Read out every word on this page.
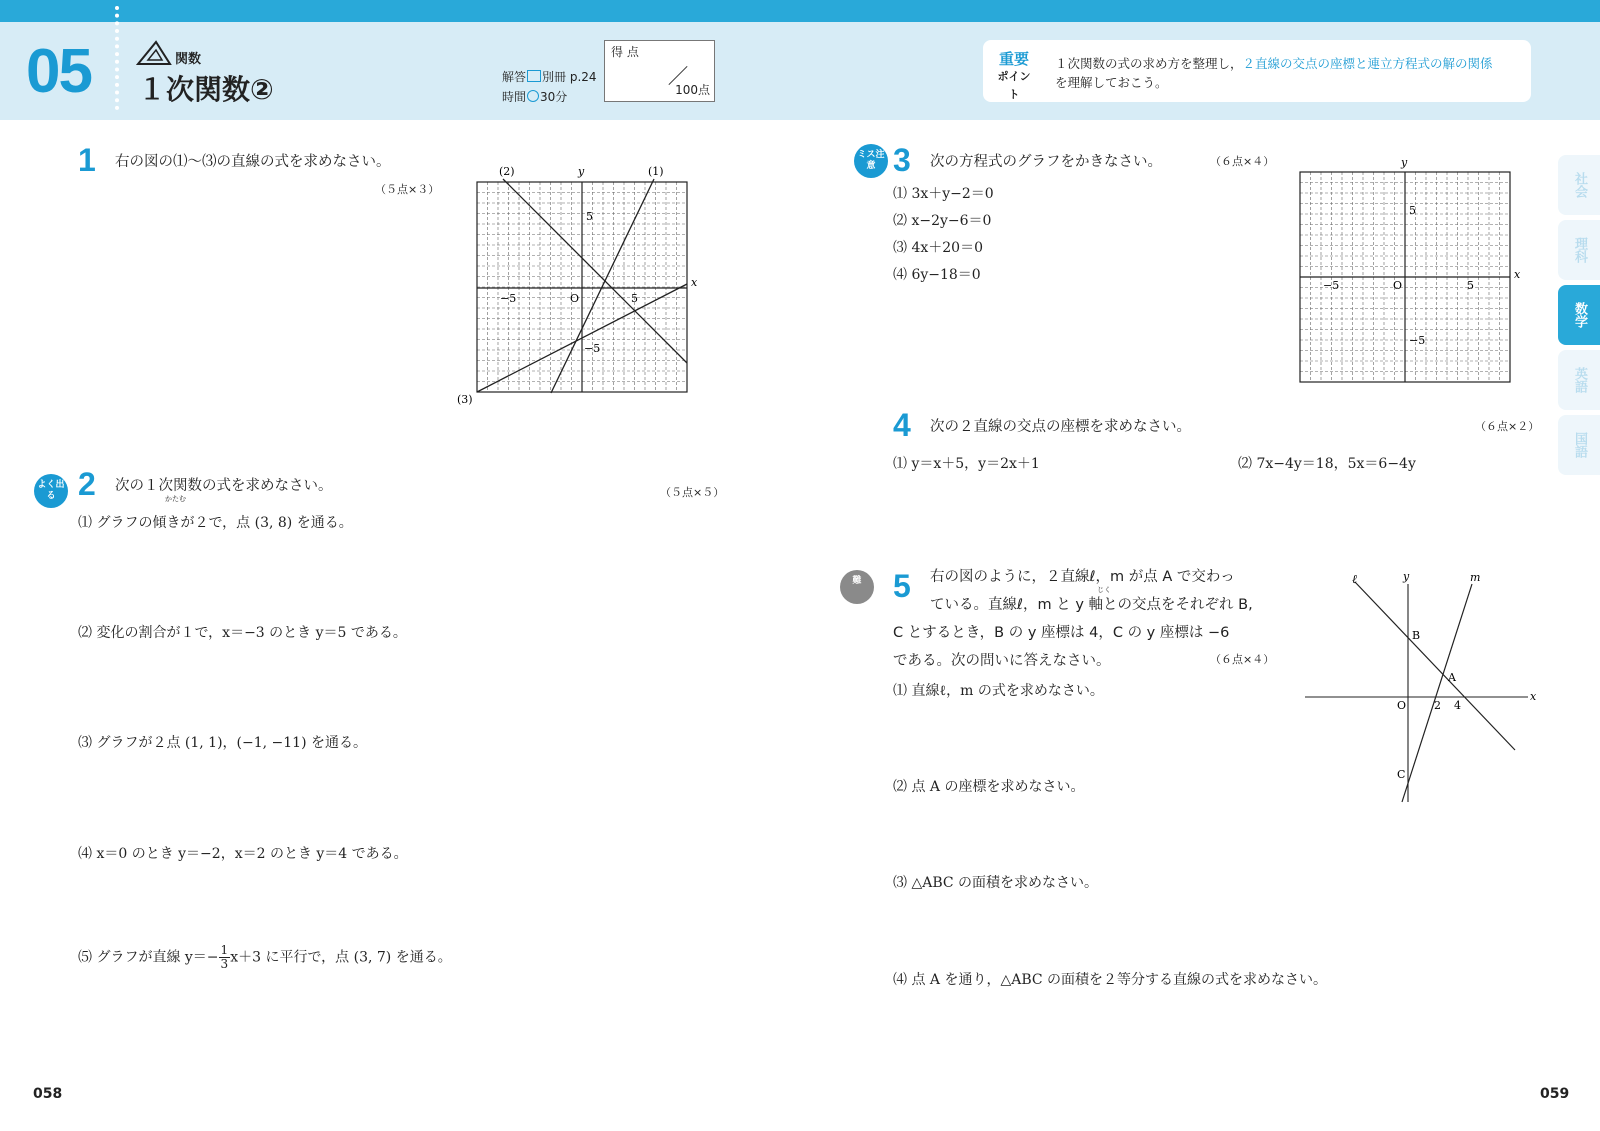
05	関数
１次関数②	解答 別冊 p.24
時間 30分
得 点
100点
重要
ポイント
１次関数の式の求め方を整理し，２直線の交点の座標と連立方程式の解の関係
を理解しておこう。
社会
理科
数学
英語
国語
1 右の図の⑴〜⑶の直線の式を求めなさい。
（５点×３）
(2)	(1)
(3)
y
x
O
5
−5
−5	5
よく出る 2 次の１次関数の式を求めなさい。	（５点×５）
かたむ
⑴ グラフの傾きが２で，点 (3, 8) を通る。
⑵ 変化の割合が１で，x＝−3 のとき y＝5 である。
⑶ グラフが２点 (1, 1)，(−1, −11) を通る。
⑷ x＝0 のとき y＝−2，x＝2 のとき y＝4 である。
⑸ グラフが直線 $y=- \frac{1}{3} x+3$ に平行で，点 (3, 7) を通る。
ミス注意 3 次の方程式のグラフをかきなさい。	（６点×４）
⑴ 3x＋y−2＝0
⑵ x−2y−6＝0
⑶ 4x＋20＝0
⑷ 6y−18＝0
y
x
O
5
−5
−5	5
4 次の２直線の交点の座標を求めなさい。	（６点×２）
⑴ y＝x＋5，y＝2x＋1	⑵ 7x−4y＝18，5x＝6−4y
難 5	じく
右の図のように，２直線ℓ，m が点 A で交わっ
ている。直線ℓ，m と y 軸との交点をそれぞれ B,
C とするとき，B の y 座標は 4，C の y 座標は −6
である。次の問いに答えなさい。	（６点×４）
⑴ 直線ℓ，m の式を求めなさい。
⑵ 点 A の座標を求めなさい。
⑶ △ABC の面積を求めなさい。
⑷ 点 A を通り，△ABC の面積を２等分する直線の式を求めなさい。
ℓ	m
y
x
O
B
A
C
2 4
058	059
